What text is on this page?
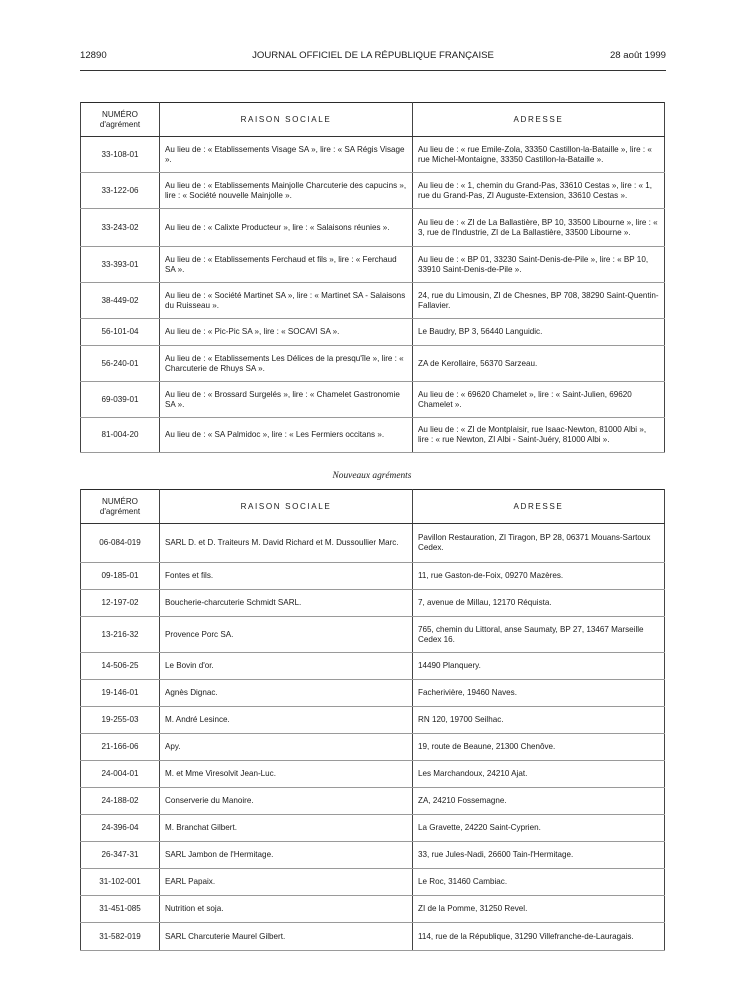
12890	JOURNAL OFFICIEL DE LA RÉPUBLIQUE FRANÇAISE	28 août 1999
NUMÉRO
d'agrément	RAISON SOCIALE	ADRESSE
33-108-01	Au lieu de : « Etablissements Visage SA », lire : « SA Régis Visage ».	Au lieu de : « rue Emile-Zola, 33350 Castillon-la-Bataille », lire : « rue Michel-Montaigne, 33350 Castillon-la-Bataille ».
33-122-06	Au lieu de : « Etablissements Mainjolle Charcuterie des capucins », lire : « Société nouvelle Mainjolle ».	Au lieu de : « 1, chemin du Grand-Pas, 33610 Cestas », lire : « 1, rue du Grand-Pas, ZI Auguste-Extension, 33610 Cestas ».
33-243-02	Au lieu de : « Calixte Producteur », lire : « Salaisons réunies ».	Au lieu de : « ZI de La Ballastière, BP 10, 33500 Libourne », lire : « 3, rue de l'Industrie, ZI de La Ballastière, 33500 Libourne ».
33-393-01	Au lieu de : « Etablissements Ferchaud et fils », lire : « Ferchaud SA ».	Au lieu de : « BP 01, 33230 Saint-Denis-de-Pile », lire : « BP 10, 33910 Saint-Denis-de-Pile ».
38-449-02	Au lieu de : « Société Martinet SA », lire : « Martinet SA - Salaisons du Ruisseau ».	24, rue du Limousin, ZI de Chesnes, BP 708, 38290 Saint-Quentin-Fallavier.
56-101-04	Au lieu de : « Pic-Pic SA », lire : « SOCAVI SA ».	Le Baudry, BP 3, 56440 Languidic.
56-240-01	Au lieu de : « Etablissements Les Délices de la presqu'île », lire : « Charcuterie de Rhuys SA ».	ZA de Kerollaire, 56370 Sarzeau.
69-039-01	Au lieu de : « Brossard Surgelés », lire : « Chamelet Gastronomie SA ».	Au lieu de : « 69620 Chamelet », lire : « Saint-Julien, 69620 Chamelet ».
81-004-20	Au lieu de : « SA Palmidoc », lire : « Les Fermiers occitans ».	Au lieu de : « ZI de Montplaisir, rue Isaac-Newton, 81000 Albi », lire : « rue Newton, ZI Albi - Saint-Juéry, 81000 Albi ».
Nouveaux agréments
NUMÉRO
d'agrément	RAISON SOCIALE	ADRESSE
06-084-019	SARL D. et D. Traiteurs M. David Richard et M. Dussoullier Marc.	Pavillon Restauration, ZI Tiragon, BP 28, 06371 Mouans-Sartoux Cedex.
09-185-01	Fontes et fils.	11, rue Gaston-de-Foix, 09270 Mazères.
12-197-02	Boucherie-charcuterie Schmidt SARL.	7, avenue de Millau, 12170 Réquista.
13-216-32	Provence Porc SA.	765, chemin du Littoral, anse Saumaty, BP 27, 13467 Marseille Cedex 16.
14-506-25	Le Bovin d'or.	14490 Planquery.
19-146-01	Agnès Dignac.	Facherivière, 19460 Naves.
19-255-03	M. André Lesince.	RN 120, 19700 Seilhac.
21-166-06	Apy.	19, route de Beaune, 21300 Chenôve.
24-004-01	M. et Mme Viresolvit Jean-Luc.	Les Marchandoux, 24210 Ajat.
24-188-02	Conserverie du Manoire.	ZA, 24210 Fossemagne.
24-396-04	M. Branchat Gilbert.	La Gravette, 24220 Saint-Cyprien.
26-347-31	SARL Jambon de l'Hermitage.	33, rue Jules-Nadi, 26600 Tain-l'Hermitage.
31-102-001	EARL Papaix.	Le Roc, 31460 Cambiac.
31-451-085	Nutrition et soja.	ZI de la Pomme, 31250 Revel.
31-582-019	SARL Charcuterie Maurel Gilbert.	114, rue de la République, 31290 Villefranche-de-Lauragais.
